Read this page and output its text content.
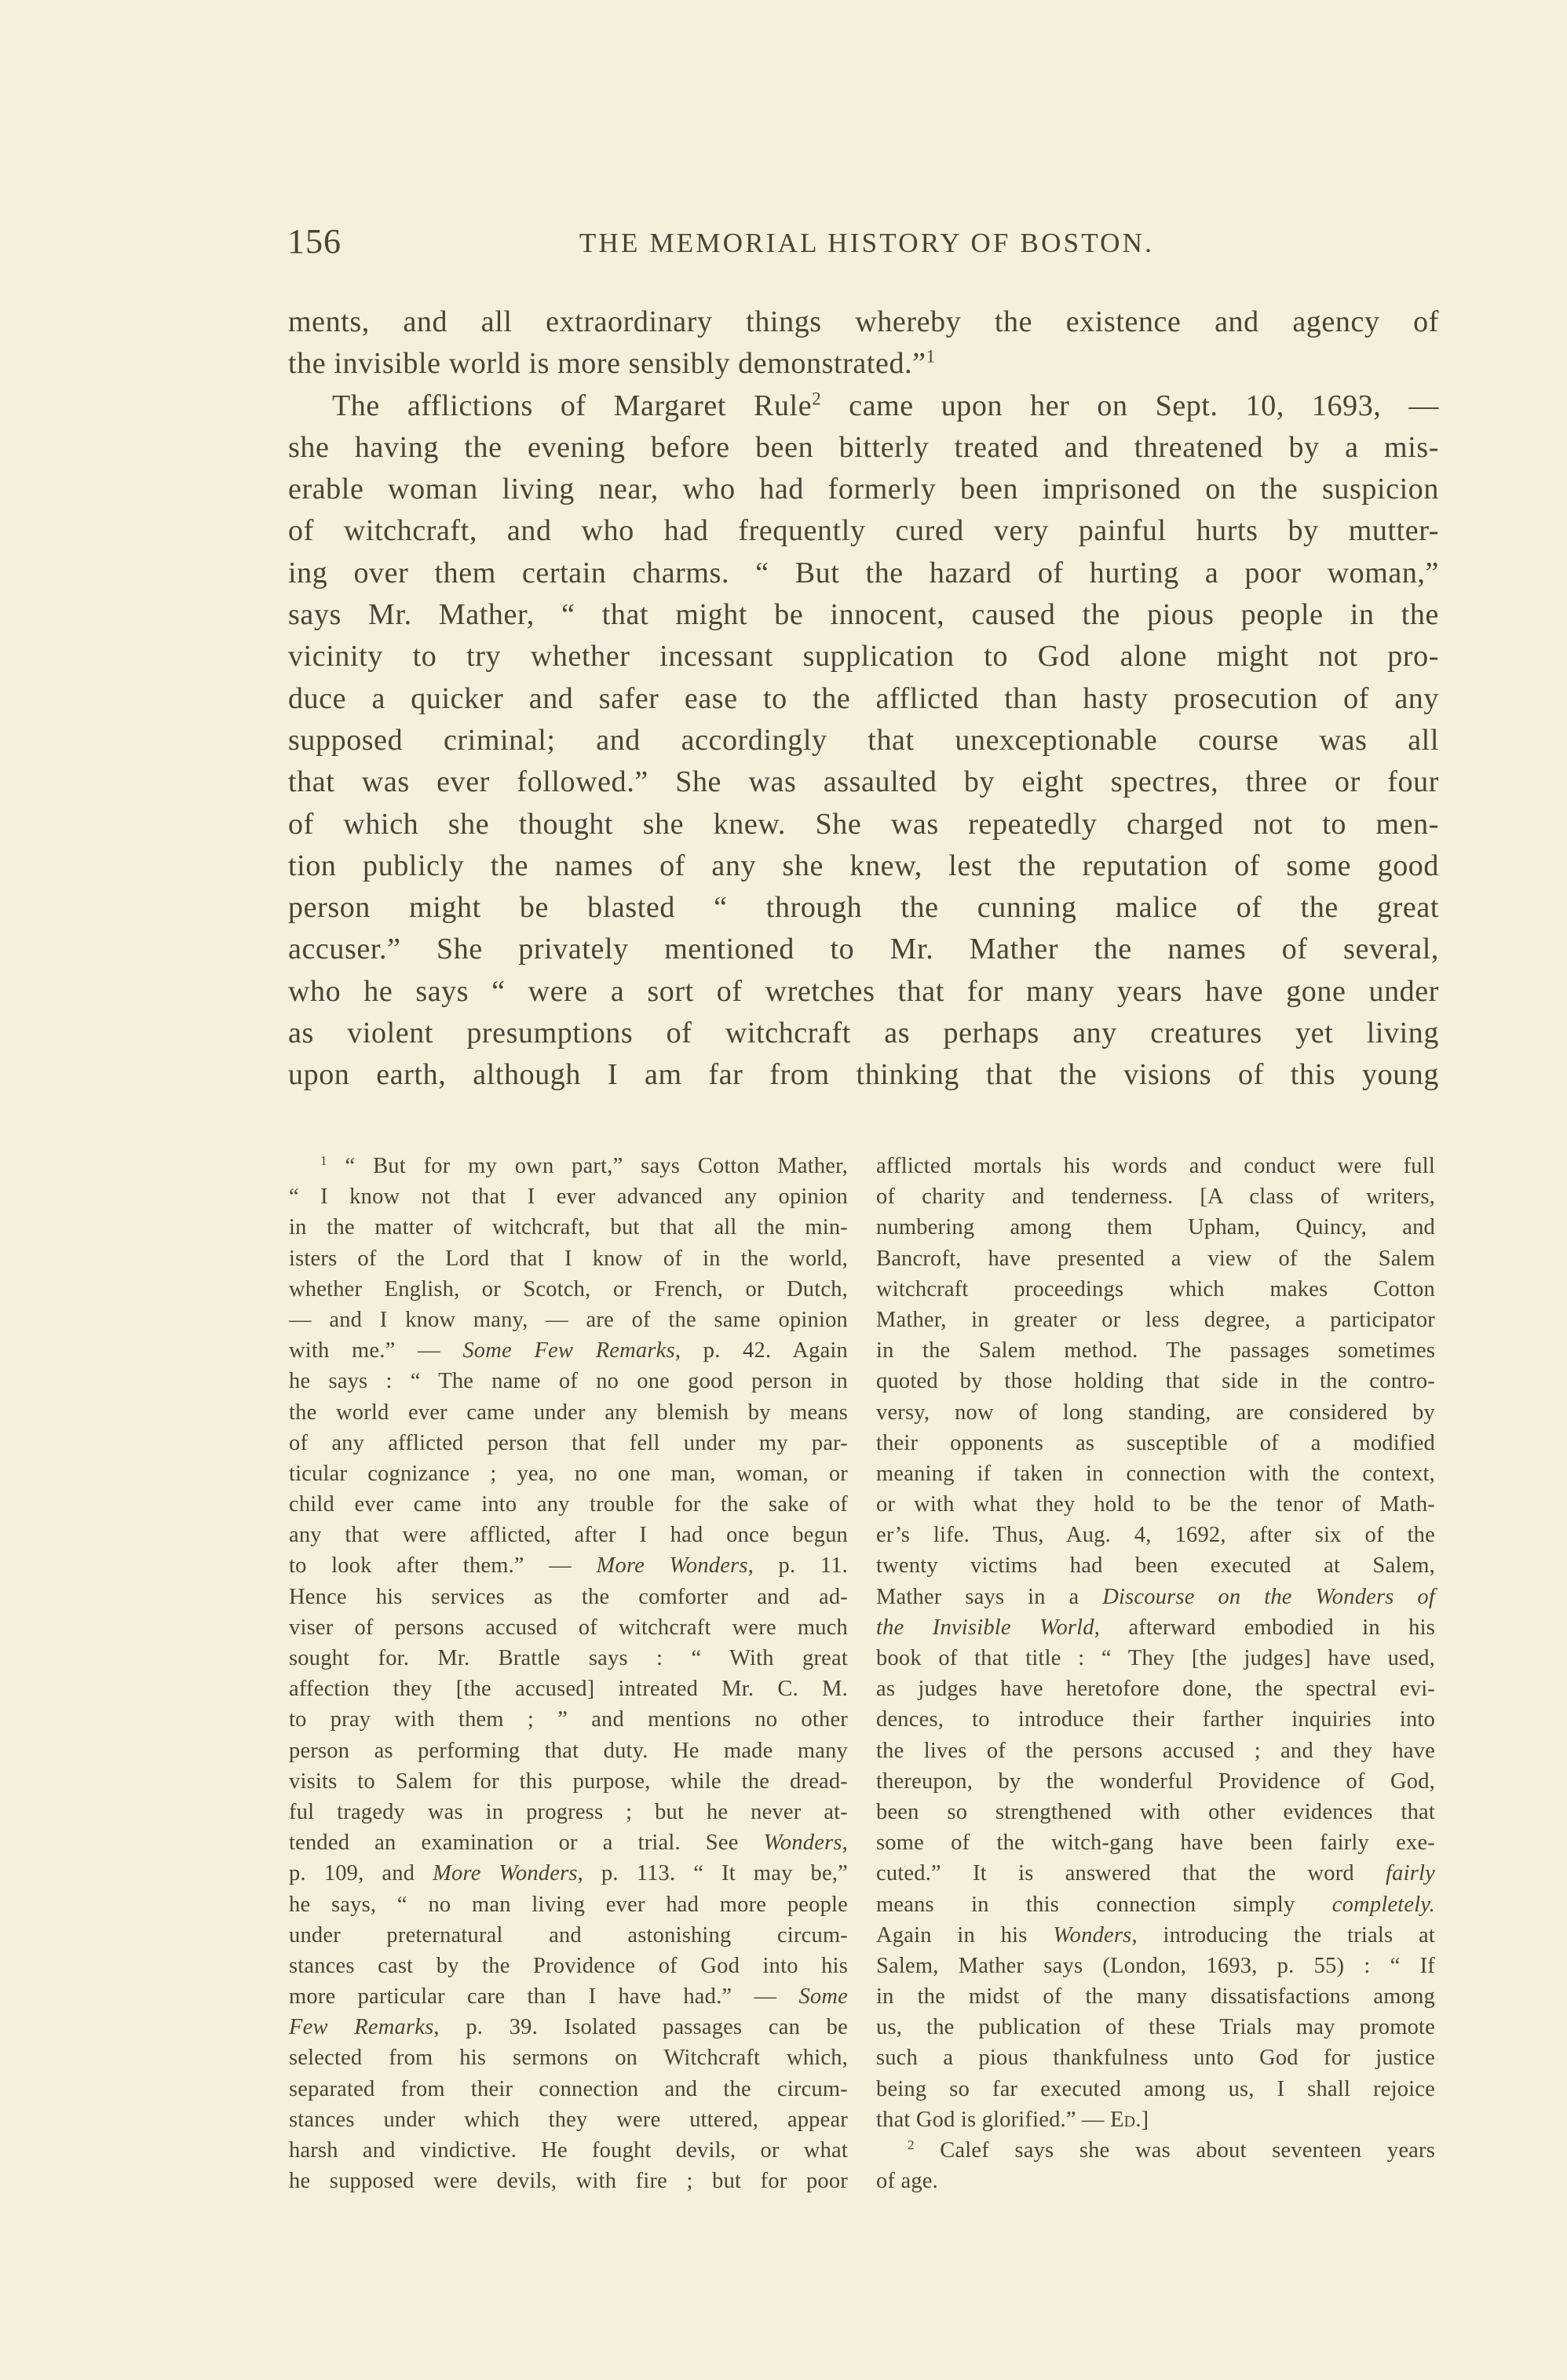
156	THE MEMORIAL HISTORY OF BOSTON.
ments, and all extraordinary things whereby the existence and agency of
the invisible world is more sensibly demonstrated.”$^1$
The afflictions of Margaret Rule$^2$ came upon her on Sept. 10, 1693, —
she having the evening before been bitterly treated and threatened by a mis-
erable woman living near, who had formerly been imprisoned on the suspicion
of witchcraft, and who had frequently cured very painful hurts by mutter-
ing over them certain charms. “ But the hazard of hurting a poor woman,”
says Mr. Mather, “ that might be innocent, caused the pious people in the
vicinity to try whether incessant supplication to God alone might not pro-
duce a quicker and safer ease to the afflicted than hasty prosecution of any
supposed criminal; and accordingly that unexceptionable course was all
that was ever followed.” She was assaulted by eight spectres, three or four
of which she thought she knew. She was repeatedly charged not to men-
tion publicly the names of any she knew, lest the reputation of some good
person might be blasted “ through the cunning malice of the great
accuser.” She privately mentioned to Mr. Mather the names of several,
who he says “ were a sort of wretches that for many years have gone under
as violent presumptions of witchcraft as perhaps any creatures yet living
upon earth, although I am far from thinking that the visions of this young
$^1$ “ But for my own part,” says Cotton Mather,
“ I know not that I ever advanced any opinion
in the matter of witchcraft, but that all the min-
isters of the Lord that I know of in the world,
whether English, or Scotch, or French, or Dutch,
— and I know many, — are of the same opinion
with me.” — Some Few Remarks, p. 42. Again
he says : “ The name of no one good person in
the world ever came under any blemish by means
of any afflicted person that fell under my par-
ticular cognizance ; yea, no one man, woman, or
child ever came into any trouble for the sake of
any that were afflicted, after I had once begun
to look after them.” — More Wonders, p. 11.
Hence his services as the comforter and ad-
viser of persons accused of witchcraft were much
sought for. Mr. Brattle says : “ With great
affection they [the accused] intreated Mr. C. M.
to pray with them ; ” and mentions no other
person as performing that duty. He made many
visits to Salem for this purpose, while the dread-
ful tragedy was in progress ; but he never at-
tended an examination or a trial. See Wonders,
p. 109, and More Wonders, p. 113. “ It may be,”
he says, “ no man living ever had more people
under preternatural and astonishing circum-
stances cast by the Providence of God into his
more particular care than I have had.” — Some
Few Remarks, p. 39. Isolated passages can be
selected from his sermons on Witchcraft which,
separated from their connection and the circum-
stances under which they were uttered, appear
harsh and vindictive. He fought devils, or what
he supposed were devils, with fire ; but for poor
afflicted mortals his words and conduct were full
of charity and tenderness. [A class of writers,
numbering among them Upham, Quincy, and
Bancroft, have presented a view of the Salem
witchcraft proceedings which makes Cotton
Mather, in greater or less degree, a participator
in the Salem method. The passages sometimes
quoted by those holding that side in the contro-
versy, now of long standing, are considered by
their opponents as susceptible of a modified
meaning if taken in connection with the context,
or with what they hold to be the tenor of Math-
er’s life. Thus, Aug. 4, 1692, after six of the
twenty victims had been executed at Salem,
Mather says in a Discourse on the Wonders of
the Invisible World, afterward embodied in his
book of that title : “ They [the judges] have used,
as judges have heretofore done, the spectral evi-
dences, to introduce their farther inquiries into
the lives of the persons accused ; and they have
thereupon, by the wonderful Providence of God,
been so strengthened with other evidences that
some of the witch-gang have been fairly exe-
cuted.” It is answered that the word fairly
means in this connection simply completely.
Again in his Wonders, introducing the trials at
Salem, Mather says (London, 1693, p. 55) : “ If
in the midst of the many dissatisfactions among
us, the publication of these Trials may promote
such a pious thankfulness unto God for justice
being so far executed among us, I shall rejoice
that God is glorified.” — Ed.]
$^2$ Calef says she was about seventeen years
of age.
